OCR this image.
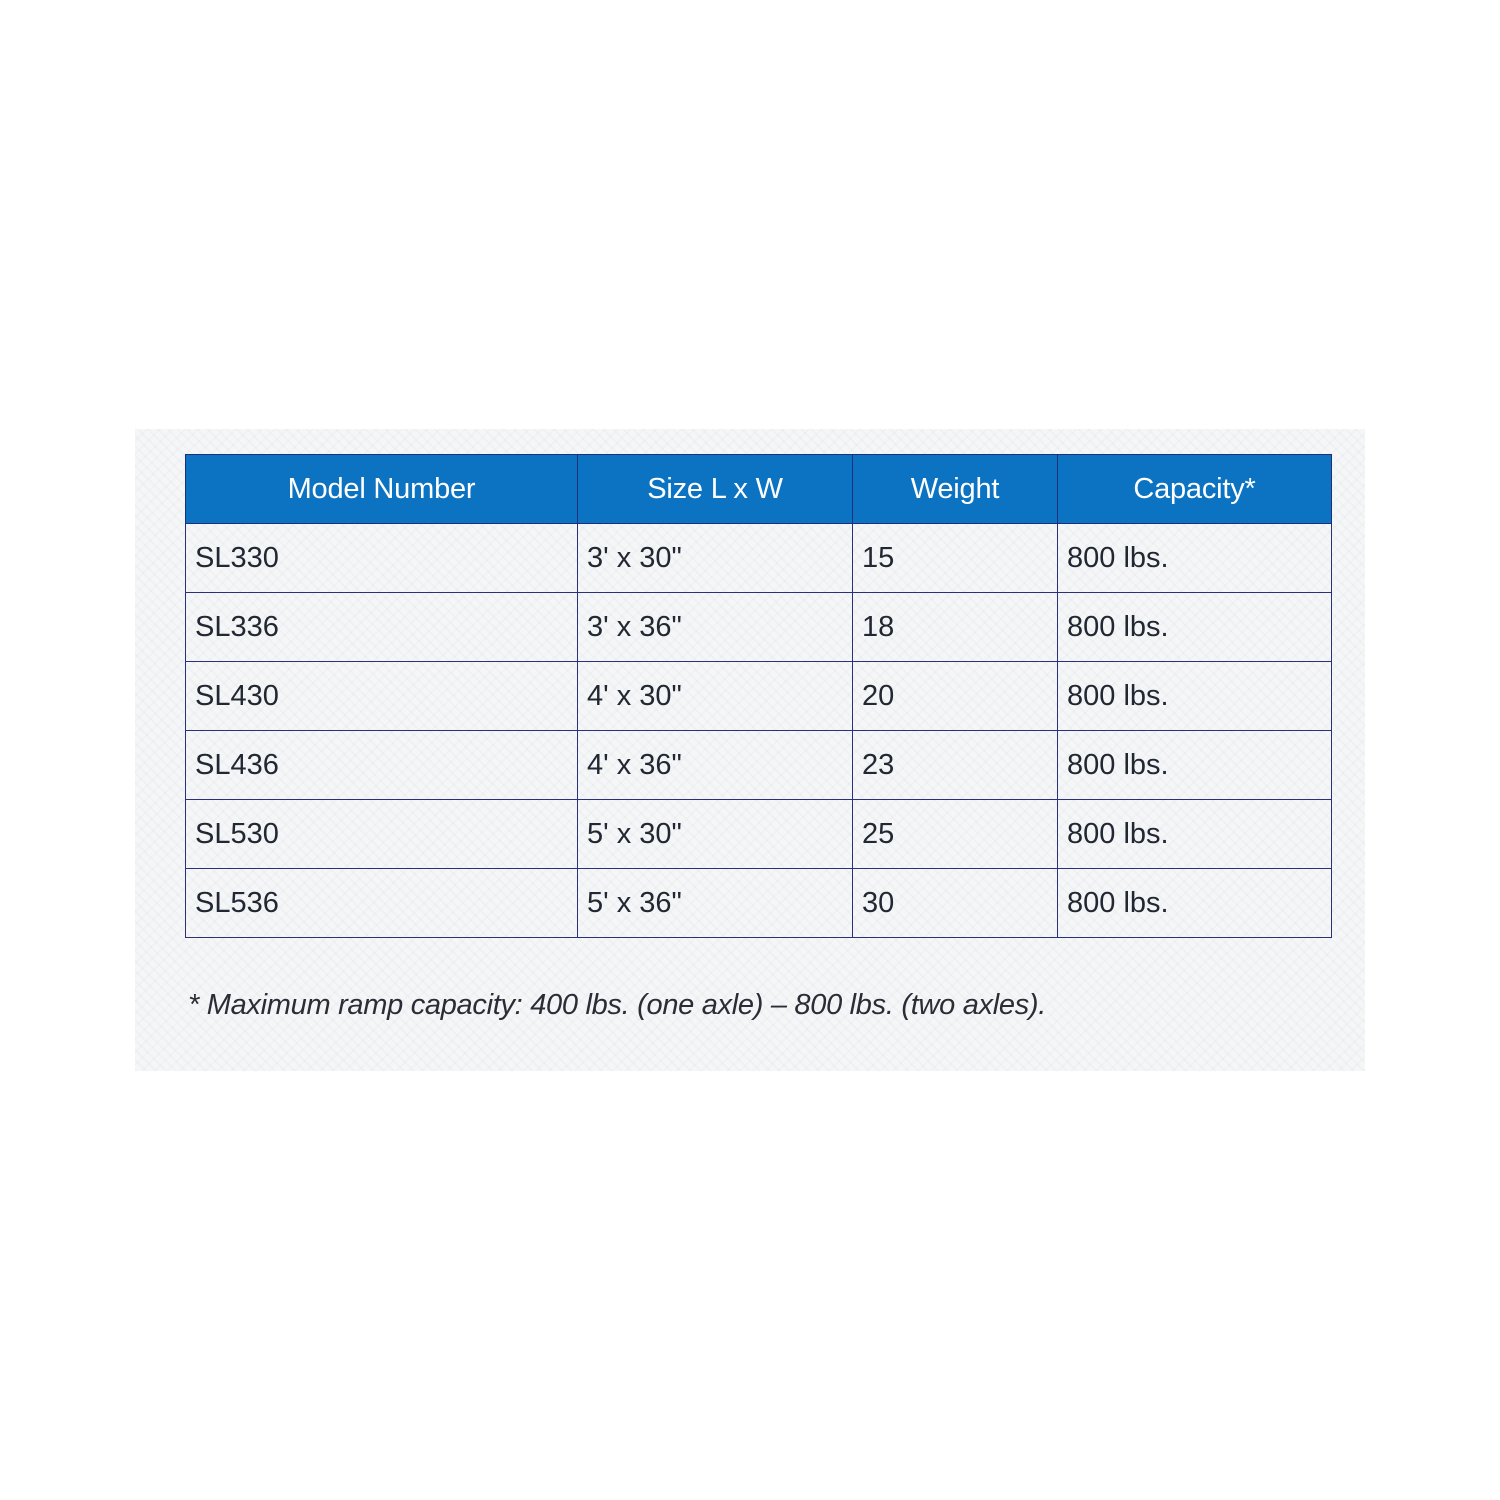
Model Number	Size L x W	Weight	Capacity*
SL330	3' x 30"	15	800 lbs.
SL336	3' x 36"	18	800 lbs.
SL430	4' x 30"	20	800 lbs.
SL436	4' x 36"	23	800 lbs.
SL530	5' x 30"	25	800 lbs.
SL536	5' x 36"	30	800 lbs.
* Maximum ramp capacity: 400 lbs. (one axle) – 800 lbs. (two axles).
